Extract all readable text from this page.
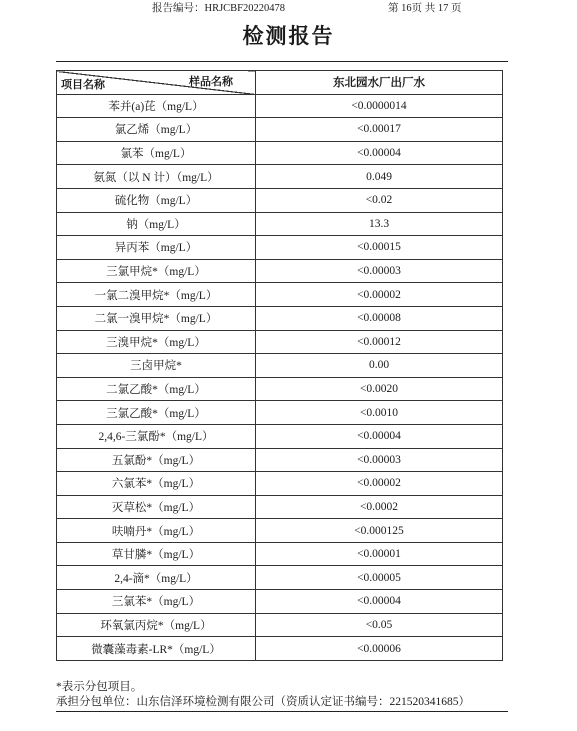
报告编号：HRJCBF20220478	第 16页 共 17 页
检测报告
样品名称
项目名称	东北园水厂出厂水
苯并(a)芘（mg/L）	<0.0000014
氯乙烯（mg/L）	<0.00017
氯苯（mg/L）	<0.00004
氨氮（以 N 计）（mg/L）	0.049
硫化物（mg/L）	<0.02
钠（mg/L）	13.3
异丙苯（mg/L）	<0.00015
三氯甲烷*（mg/L）	<0.00003
一氯二溴甲烷*（mg/L）	<0.00002
二氯一溴甲烷*（mg/L）	<0.00008
三溴甲烷*（mg/L）	<0.00012
三卤甲烷*	0.00
二氯乙酸*（mg/L）	<0.0020
三氯乙酸*（mg/L）	<0.0010
2,4,6-三氯酚*（mg/L）	<0.00004
五氯酚*（mg/L）	<0.00003
六氯苯*（mg/L）	<0.00002
灭草松*（mg/L）	<0.0002
呋喃丹*（mg/L）	<0.000125
草甘膦*（mg/L）	<0.00001
2,4-滴*（mg/L）	<0.00005
三氯苯*（mg/L）	<0.00004
环氧氯丙烷*（mg/L）	<0.05
微囊藻毒素-LR*（mg/L）	<0.00006
*表示分包项目。
承担分包单位：山东信泽环境检测有限公司（资质认定证书编号：221520341685）
